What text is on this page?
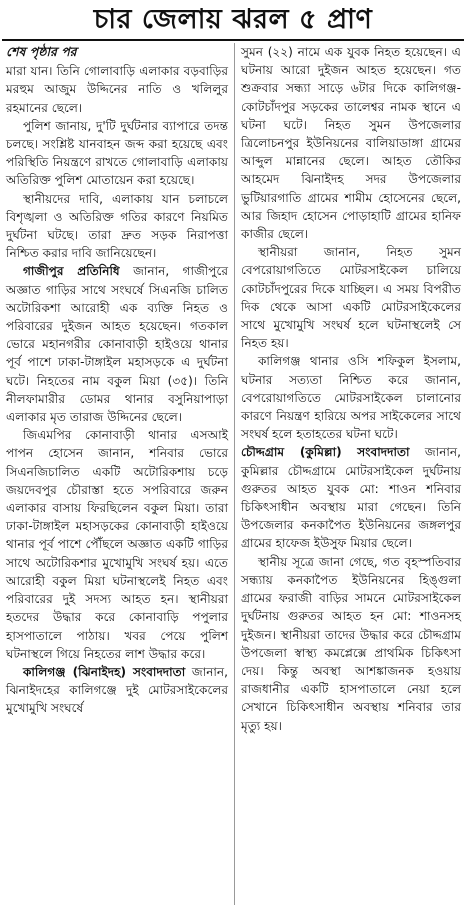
চার জেলায় ঝরল ৫ প্রাণ
শেষ পৃষ্ঠার পর

মারা যান। তিনি গোলাবাড়ি এলাকার বড়বাড়ির মরহুম আজুম উদ্দিনের নাতি ও খলিলুর রহমানের ছেলে।

পুলিশ জানায়, দু'টি দুর্ঘটনার ব্যাপারে তদন্ত চলছে। সংশ্লিষ্ট যানবাহন জব্দ করা হয়েছে এবং পরিস্থিতি নিয়ন্ত্রণে রাখতে গোলাবাড়ি এলাকায় অতিরিক্ত পুলিশ মোতায়েন করা হয়েছে।

স্থানীয়দের দাবি, এলাকায় যান চলাচলে বিশৃঙ্খলা ও অতিরিক্ত গতির কারণে নিয়মিত দুর্ঘটনা ঘটছে। তারা দ্রুত সড়ক নিরাপত্তা নিশ্চিত করার দাবি জানিয়েছেন।

গাজীপুর প্রতিনিধি জানান, গাজীপুরে অজ্ঞাত গাড়ির সাথে সংঘর্ষে সিএনজি চালিত অটোরিকশা আরোহী এক ব্যক্তি নিহত ও পরিবারের দুইজন আহত হয়েছেন। গতকাল ভোরে মহানগরীর কোনাবাড়ী হাইওয়ে থানার পূর্ব পাশে ঢাকা-টাঙ্গাইল মহাসড়কে এ দুর্ঘটনা ঘটে। নিহতের নাম বকুল মিয়া (৩৫)। তিনি নীলফামারীর ডোমর থানার বসুনিয়াপাড়া এলাকার মৃত তারাজ উদ্দিনের ছেলে।

জিএমপির কোনাবাড়ী থানার এসআই পাপন হোসেন জানান, শনিবার ভোরে সিএনজিচালিত একটি অটোরিকশায় চড়ে জয়দেবপুর চৌরাস্তা হতে সপরিবারে জরুন এলাকার বাসায় ফিরছিলেন বকুল মিয়া। তারা ঢাকা-টাঙ্গাইল মহাসড়কের কোনাবাড়ী হাইওয়ে থানার পূর্ব পাশে পৌঁছলে অজ্ঞাত একটি গাড়ির সাথে অটোরিকশার মুখোমুখি সংঘর্ষ হয়। এতে আরোহী বকুল মিয়া ঘটনাস্থলেই নিহত এবং পরিবারের দুই সদস্য আহত হন। স্থানীয়রা হতদের উদ্ধার করে কোনাবাড়ি পপুলার হাসপাতালে পাঠায়। খবর পেয়ে পুলিশ ঘটনাস্থলে গিয়ে নিহতের লাশ উদ্ধার করে।

কালিগঞ্জ (ঝিনাইদহ) সংবাদদাতা জানান, ঝিনাইদহের কালিগঞ্জে দুই মোটরসাইকেলের মুখোমুখি সংঘর্ষে

সুমন (২২) নামে এক যুবক নিহত হয়েছেন। এ ঘটনায় আরো দুইজন আহত হয়েছেন। গত শুক্রবার সন্ধ্যা সাড়ে ৬টার দিকে কালিগঞ্জ-কোটচাঁদপুর সড়কের তালেশ্বর নামক স্থানে এ ঘটনা ঘটে। নিহত সুমন উপজেলার ত্রিলোচনপুর ইউনিয়নের বালিয়াডাঙ্গা গ্রামের আব্দুল মান্নানের ছেলে। আহত তৌকির আহমেদ ঝিনাইদহ সদর উপজেলার ভুটিয়ারগাতি গ্রামের শামীম হোসেনের ছেলে, আর জিহাদ হোসেন পোড়াহাটি গ্রামের হানিফ কাজীর ছেলে।

স্থানীয়রা জানান, নিহত সুমন বেপরোয়াগতিতে মোটরসাইকেল চালিয়ে কোটচাঁদপুরের দিকে যাচ্ছিল। এ সময় বিপরীত দিক থেকে আসা একটি মোটরসাইকেলের সাথে মুখোমুখি সংঘর্ষ হলে ঘটনাস্থলেই সে নিহত হয়।

কালিগঞ্জ থানার ওসি শফিকুল ইসলাম, ঘটনার সত্যতা নিশ্চিত করে জানান, বেপরোয়াগতিতে মোটরসাইকেল চালানোর কারণে নিয়ন্ত্রণ হারিয়ে অপর সাইকেলের সাথে সংঘর্ষ হলে হতাহতের ঘটনা ঘটে।

চৌদ্দগ্রাম (কুমিল্লা) সংবাদদাতা জানান, কুমিল্লার চৌদ্দগ্রামে মোটরসাইকেল দুর্ঘটনায় গুরুতর আহত যুবক মো: শাওন শনিবার চিকিৎসাধীন অবস্থায় মারা গেছেন। তিনি উপজেলার কনকাপৈত ইউনিয়নের জঙ্গলপুর গ্রামের হাফেজ ইউসুফ মিয়ার ছেলে।

স্থানীয় সূত্রে জানা গেছে, গত বৃহস্পতিবার সন্ধ্যায় কনকাপৈত ইউনিয়নের হিঙ্গুলা গ্রামের ফরাজী বাড়ির সামনে মোটরসাইকেল দুর্ঘটনায় গুরুতর আহত হন মো: শাওনসহ দুইজন। স্থানীয়রা তাদের উদ্ধার করে চৌদ্দগ্রাম উপজেলা স্বাস্থ্য কমপ্লেক্সে প্রাথমিক চিকিৎসা দেয়। কিন্তু অবস্থা আশঙ্কাজনক হওয়ায় রাজধানীর একটি হাসপাতালে নেয়া হলে সেখানে চিকিৎসাধীন অবস্থায় শনিবার তার মৃত্যু হয়।
